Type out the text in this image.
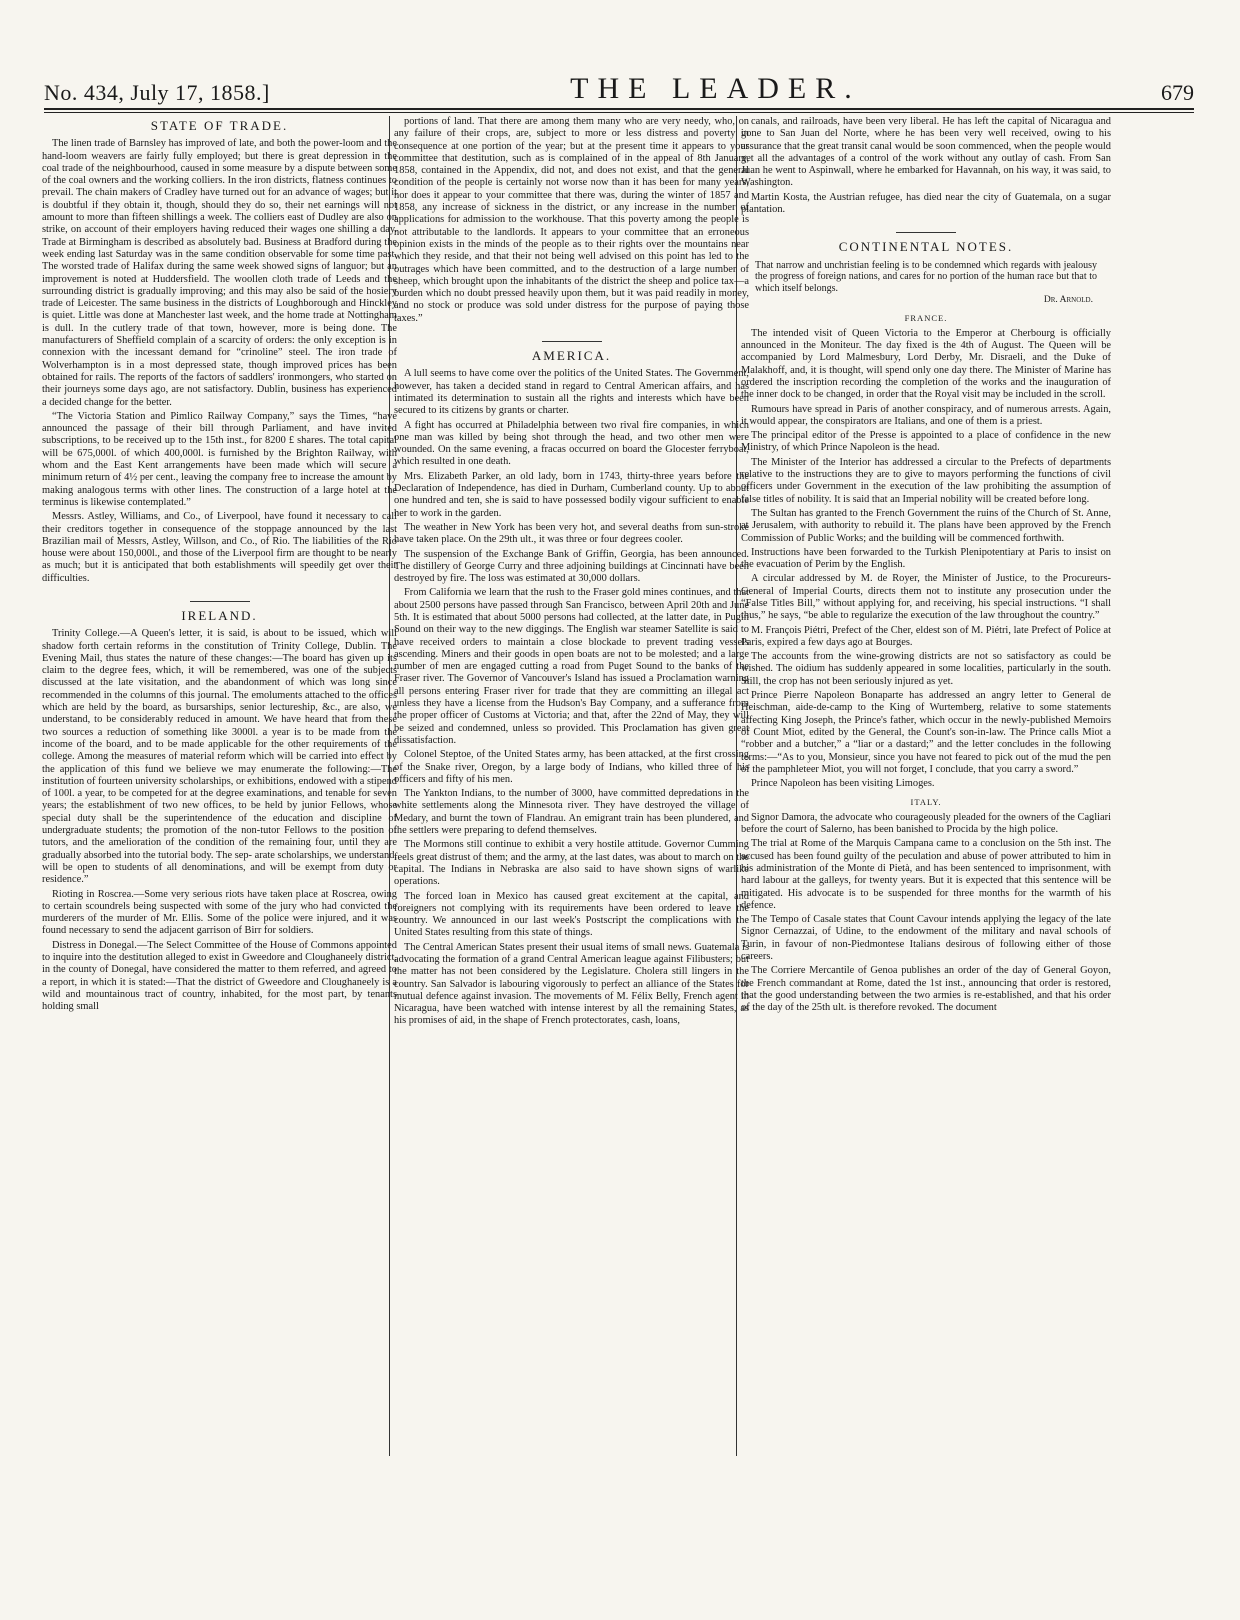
No. 434, July 17, 1858.]	THE LEADER.	679
STATE OF TRADE.

The linen trade of Barnsley has improved of late, and both the power-loom and the hand-loom weavers are fairly fully employed; but there is great depression in the coal trade of the neighbourhood, caused in some measure by a dispute between some of the coal owners and the working colliers. In the iron districts, flatness continues to prevail. The chain makers of Cradley have turned out for an advance of wages; but it is doubtful if they obtain it, though, should they do so, their net earnings will not amount to more than fifteen shillings a week. The colliers east of Dudley are also on strike, on account of their employers having reduced their wages one shilling a day. Trade at Birmingham is described as absolutely bad. Business at Bradford during the week ending last Saturday was in the same condition observable for some time past. The worsted trade of Halifax during the same week showed signs of languor; but an improvement is noted at Huddersfield. The woollen cloth trade of Leeds and the surrounding district is gradually improving; and this may also be said of the hosiery trade of Leicester. The same business in the districts of Loughborough and Hinckley is quiet. Little was done at Manchester last week, and the home trade at Nottingham is dull. In the cutlery trade of that town, however, more is being done. The manufacturers of Sheffield complain of a scarcity of orders: the only exception is in connexion with the incessant demand for “crinoline” steel. The iron trade of Wolverhampton is in a most depressed state, though improved prices has been obtained for rails. The reports of the factors of saddlers' ironmongers, who started on their journeys some days ago, are not satisfactory. Dublin, business has experienced a decided change for the better.

“The Victoria Station and Pimlico Railway Company,” says the Times, “have announced the passage of their bill through Parliament, and have invited subscriptions, to be received up to the 15th inst., for 8200 £ shares. The total capital will be 675,000l. of which 400,000l. is furnished by the Brighton Railway, with whom and the East Kent arrangements have been made which will secure a minimum return of 4½ per cent., leaving the company free to increase the amount by making analogous terms with other lines. The construction of a large hotel at the terminus is likewise contemplated.”

Messrs. Astley, Williams, and Co., of Liverpool, have found it necessary to call their creditors together in consequence of the stoppage announced by the last Brazilian mail of Messrs, Astley, Willson, and Co., of Rio. The liabilities of the Rio house were about 150,000l., and those of the Liverpool firm are thought to be nearly as much; but it is anticipated that both establishments will speedily get over their difficulties.

IRELAND.

Trinity College.—A Queen's letter, it is said, is about to be issued, which will shadow forth certain reforms in the constitution of Trinity College, Dublin. The Evening Mail, thus states the nature of these changes:—The board has given up its claim to the degree fees, which, it will be remembered, was one of the subjects discussed at the late visitation, and the abandonment of which was long since recommended in the columns of this journal. The emoluments attached to the offices which are held by the board, as bursarships, senior lectureship, &c., are also, we understand, to be considerably reduced in amount. We have heard that from these two sources a reduction of something like 3000l. a year is to be made from the income of the board, and to be made applicable for the other requirements of the college. Among the measures of material reform which will be carried into effect by the application of this fund we believe we may enumerate the following:—The institution of fourteen university scholarships, or exhibitions, endowed with a stipend of 100l. a year, to be competed for at the degree examinations, and tenable for seven years; the establishment of two new offices, to be held by junior Fellows, whose special duty shall be the superintendence of the education and discipline of undergraduate students; the promotion of the non-tutor Fellows to the position of tutors, and the amelioration of the condition of the remaining four, until they are gradually absorbed into the tutorial body. The sep- arate scholarships, we understand, will be open to students of all denominations, and will be exempt from duty or residence.”

Rioting in Roscrea.—Some very serious riots have taken place at Roscrea, owing to certain scoundrels being suspected with some of the jury who had convicted the murderers of the murder of Mr. Ellis. Some of the police were injured, and it was found necessary to send the adjacent garrison of Birr for soldiers.

Distress in Donegal.—The Select Committee of the House of Commons appointed to inquire into the destitution alleged to exist in Gweedore and Cloughaneely district, in the county of Donegal, have considered the matter to them referred, and agreed to a report, in which it is stated:—That the district of Gweedore and Cloughaneely is a wild and mountainous tract of country, inhabited, for the most part, by tenants holding small

portions of land. That there are among them many who are very needy, who, on any failure of their crops, are, subject to more or less distress and poverty in consequence at one portion of the year; but at the present time it appears to your committee that destitution, such as is complained of in the appeal of 8th January, 1858, contained in the Appendix, did not, and does not exist, and that the general condition of the people is certainly not worse now than it has been for many years, nor does it appear to your committee that there was, during the winter of 1857 and 1858, any increase of sickness in the district, or any increase in the number of applications for admission to the workhouse. That this poverty among the people is not attributable to the landlords. It appears to your committee that an erroneous opinion exists in the minds of the people as to their rights over the mountains near which they reside, and that their not being well advised on this point has led to the outrages which have been committed, and to the destruction of a large number of sheep, which brought upon the inhabitants of the district the sheep and police tax—a burden which no doubt pressed heavily upon them, but it was paid readily in money, and no stock or produce was sold under distress for the purpose of paying those taxes.”

AMERICA.

A lull seems to have come over the politics of the United States. The Government, however, has taken a decided stand in regard to Central American affairs, and has intimated its determination to sustain all the rights and interests which have been secured to its citizens by grants or charter.

A fight has occurred at Philadelphia between two rival fire companies, in which one man was killed by being shot through the head, and two other men were wounded. On the same evening, a fracas occurred on board the Glocester ferryboat, which resulted in one death.

Mrs. Elizabeth Parker, an old lady, born in 1743, thirty-three years before the Declaration of Independence, has died in Durham, Cumberland county. Up to about one hundred and ten, she is said to have possessed bodily vigour sufficient to enable her to work in the garden.

The weather in New York has been very hot, and several deaths from sun-stroke have taken place. On the 29th ult., it was three or four degrees cooler.

The suspension of the Exchange Bank of Griffin, Georgia, has been announced. The distillery of George Curry and three adjoining buildings at Cincinnati have been destroyed by fire. The loss was estimated at 30,000 dollars.

From California we learn that the rush to the Fraser gold mines continues, and that about 2500 persons have passed through San Francisco, between April 20th and June 5th. It is estimated that about 5000 persons had collected, at the latter date, in Pugin Sound on their way to the new diggings. The English war steamer Satellite is said to have received orders to maintain a close blockade to prevent trading vessels ascending. Miners and their goods in open boats are not to be molested; and a large number of men are engaged cutting a road from Puget Sound to the banks of the Fraser river. The Governor of Vancouver's Island has issued a Proclamation warning all persons entering Fraser river for trade that they are committing an illegal act unless they have a license from the Hudson's Bay Company, and a sufferance from the proper officer of Customs at Victoria; and that, after the 22nd of May, they will be seized and condemned, unless so provided. This Proclamation has given great dissatisfaction.

Colonel Steptoe, of the United States army, has been attacked, at the first crossing of the Snake river, Oregon, by a large body of Indians, who killed three of his officers and fifty of his men.

The Yankton Indians, to the number of 3000, have committed depredations in the white settlements along the Minnesota river. They have destroyed the village of Medary, and burnt the town of Flandrau. An emigrant train has been plundered, and the settlers were preparing to defend themselves.

The Mormons still continue to exhibit a very hostile attitude. Governor Cumming feels great distrust of them; and the army, at the last dates, was about to march on the capital. The Indians in Nebraska are also said to have shown signs of warlike operations.

The forced loan in Mexico has caused great excitement at the capital, and foreigners not complying with its requirements have been ordered to leave the country. We announced in our last week's Postscript the complications with the United States resulting from this state of things.

The Central American States present their usual items of small news. Guatemala is advocating the formation of a grand Central American league against Filibusters; but the matter has not been considered by the Legislature. Cholera still lingers in the country. San Salvador is labouring vigorously to perfect an alliance of the States for mutual defence against invasion. The movements of M. Félix Belly, French agent in Nicaragua, have been watched with intense interest by all the remaining States, as his promises of aid, in the shape of French protectorates, cash, loans,

canals, and railroads, have been very liberal. He has left the capital of Nicaragua and gone to San Juan del Norte, where he has been very well received, owing to his assurance that the great transit canal would be soon commenced, when the people would get all the advantages of a control of the work without any outlay of cash. From San Juan he went to Aspinwall, where he embarked for Havannah, on his way, it was said, to Washington.

Martin Kosta, the Austrian refugee, has died near the city of Guatemala, on a sugar plantation.

CONTINENTAL NOTES.
That narrow and unchristian feeling is to be condemned which regards with jealousy the progress of foreign nations, and cares for no portion of the human race but that to which itself belongs.
Dr. Arnold.
FRANCE.

The intended visit of Queen Victoria to the Emperor at Cherbourg is officially announced in the Moniteur. The day fixed is the 4th of August. The Queen will be accompanied by Lord Malmesbury, Lord Derby, Mr. Disraeli, and the Duke of Malakhoff, and, it is thought, will spend only one day there. The Minister of Marine has ordered the inscription recording the completion of the works and the inauguration of the inner dock to be changed, in order that the Royal visit may be included in the scroll.

Rumours have spread in Paris of another conspiracy, and of numerous arrests. Again, it would appear, the conspirators are Italians, and one of them is a priest.

The principal editor of the Presse is appointed to a place of confidence in the new Ministry, of which Prince Napoleon is the head.

The Minister of the Interior has addressed a circular to the Prefects of departments relative to the instructions they are to give to mayors performing the functions of civil officers under Government in the execution of the law prohibiting the assumption of false titles of nobility. It is said that an Imperial nobility will be created before long.

The Sultan has granted to the French Government the ruins of the Church of St. Anne, at Jerusalem, with authority to rebuild it. The plans have been approved by the French Commission of Public Works; and the building will be commenced forthwith.

Instructions have been forwarded to the Turkish Plenipotentiary at Paris to insist on the evacuation of Perim by the English.

A circular addressed by M. de Royer, the Minister of Justice, to the Procureurs-General of Imperial Courts, directs them not to institute any prosecution under the “False Titles Bill,” without applying for, and receiving, his special instructions. “I shall thus,” he says, “be able to regularize the execution of the law throughout the country.”

M. François Piétri, Prefect of the Cher, eldest son of M. Piétri, late Prefect of Police at Paris, expired a few days ago at Bourges.

The accounts from the wine-growing districts are not so satisfactory as could be wished. The oidium has suddenly appeared in some localities, particularly in the south. Still, the crop has not been seriously injured as yet.

Prince Pierre Napoleon Bonaparte has addressed an angry letter to General de Heischman, aide-de-camp to the King of Wurtemberg, relative to some statements affecting King Joseph, the Prince's father, which occur in the newly-published Memoirs of Count Miot, edited by the General, the Count's son-in-law. The Prince calls Miot a “robber and a butcher,” a “liar or a dastard;” and the letter concludes in the following terms:—“As to you, Monsieur, since you have not feared to pick out of the mud the pen of the pamphleteer Miot, you will not forget, I conclude, that you carry a sword.”

Prince Napoleon has been visiting Limoges.

ITALY.

Signor Damora, the advocate who courageously pleaded for the owners of the Cagliari before the court of Salerno, has been banished to Procida by the high police.

The trial at Rome of the Marquis Campana came to a conclusion on the 5th inst. The accused has been found guilty of the peculation and abuse of power attributed to him in his administration of the Monte di Pietà, and has been sentenced to imprisonment, with hard labour at the galleys, for twenty years. But it is expected that this sentence will be mitigated. His advocate is to be suspended for three months for the warmth of his defence.

The Tempo of Casale states that Count Cavour intends applying the legacy of the late Signor Cernazzai, of Udine, to the endowment of the military and naval schools of Turin, in favour of non-Piedmontese Italians desirous of following either of those careers.

The Corriere Mercantile of Genoa publishes an order of the day of General Goyon, the French commandant at Rome, dated the 1st inst., announcing that order is restored, that the good understanding between the two armies is re-established, and that his order of the day of the 25th ult. is therefore revoked. The document
